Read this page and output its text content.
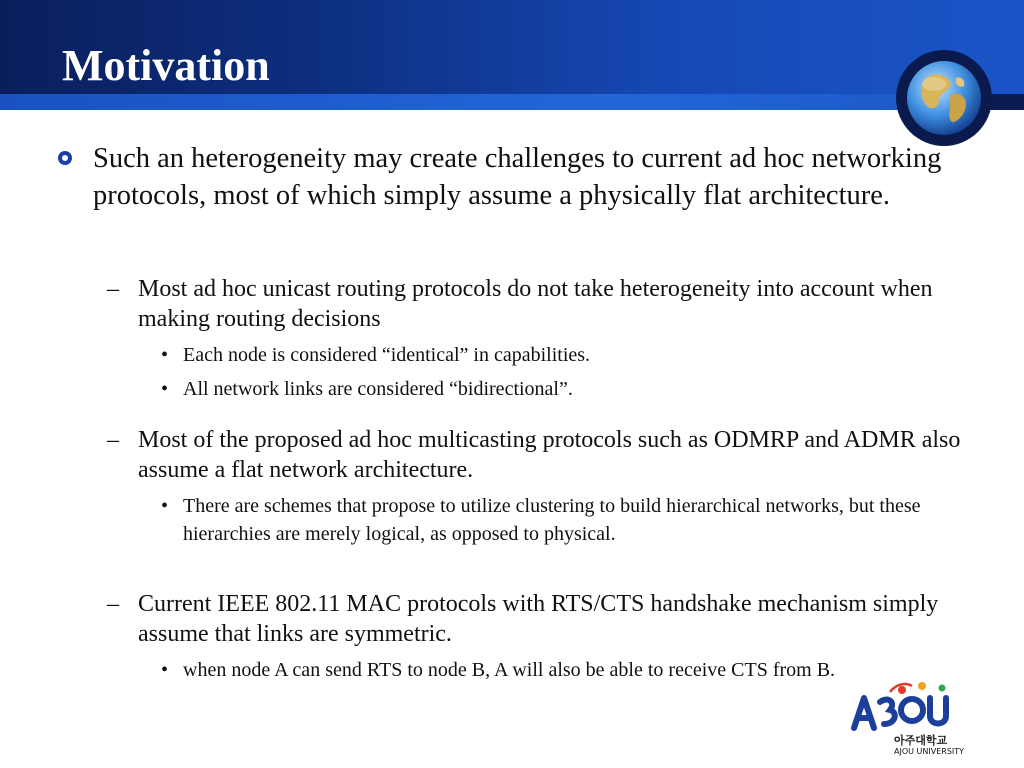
Motivation
Such an heterogeneity may create challenges to current ad hoc networking protocols, most of which simply assume a physically flat architecture.
– Most ad hoc unicast routing protocols do not take heterogeneity into account when making routing decisions
• Each node is considered “identical” in capabilities.
• All network links are considered “bidirectional”.
– Most of the proposed ad hoc multicasting protocols such as ODMRP and ADMR also assume a flat network architecture.
• There are schemes that propose to utilize clustering to build hierarchical networks, but these hierarchies are merely logical, as opposed to physical.
– Current IEEE 802.11 MAC protocols with RTS/CTS handshake mechanism simply assume that links are symmetric.
• when node A can send RTS to node B, A will also be able to receive CTS from B.
아주대학교
AJOU UNIVERSITY
